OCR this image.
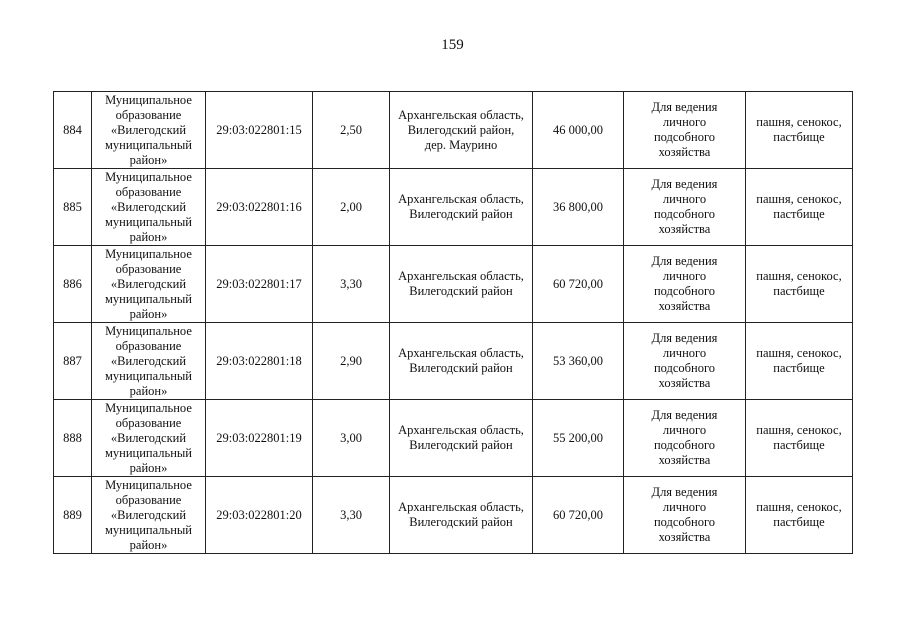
159
884	Муниципальное
образование
«Вилегодский
муниципальный
район»	29:03:022801:15	2,50	Архангельская область,
Вилегодский район,
дер. Маурино	46 000,00	Для ведения
личного
подсобного
хозяйства	пашня, сенокос,
пастбище

885	Муниципальное
образование
«Вилегодский
муниципальный
район»	29:03:022801:16	2,00	Архангельская область,
Вилегодский район	36 800,00	Для ведения
личного
подсобного
хозяйства	пашня, сенокос,
пастбище

886	Муниципальное
образование
«Вилегодский
муниципальный
район»	29:03:022801:17	3,30	Архангельская область,
Вилегодский район	60 720,00	Для ведения
личного
подсобного
хозяйства	пашня, сенокос,
пастбище

887	Муниципальное
образование
«Вилегодский
муниципальный
район»	29:03:022801:18	2,90	Архангельская область,
Вилегодский район	53 360,00	Для ведения
личного
подсобного
хозяйства	пашня, сенокос,
пастбище

888	Муниципальное
образование
«Вилегодский
муниципальный
район»	29:03:022801:19	3,00	Архангельская область,
Вилегодский район	55 200,00	Для ведения
личного
подсобного
хозяйства	пашня, сенокос,
пастбище

889	Муниципальное
образование
«Вилегодский
муниципальный
район»	29:03:022801:20	3,30	Архангельская область,
Вилегодский район	60 720,00	Для ведения
личного
подсобного
хозяйства	пашня, сенокос,
пастбище
